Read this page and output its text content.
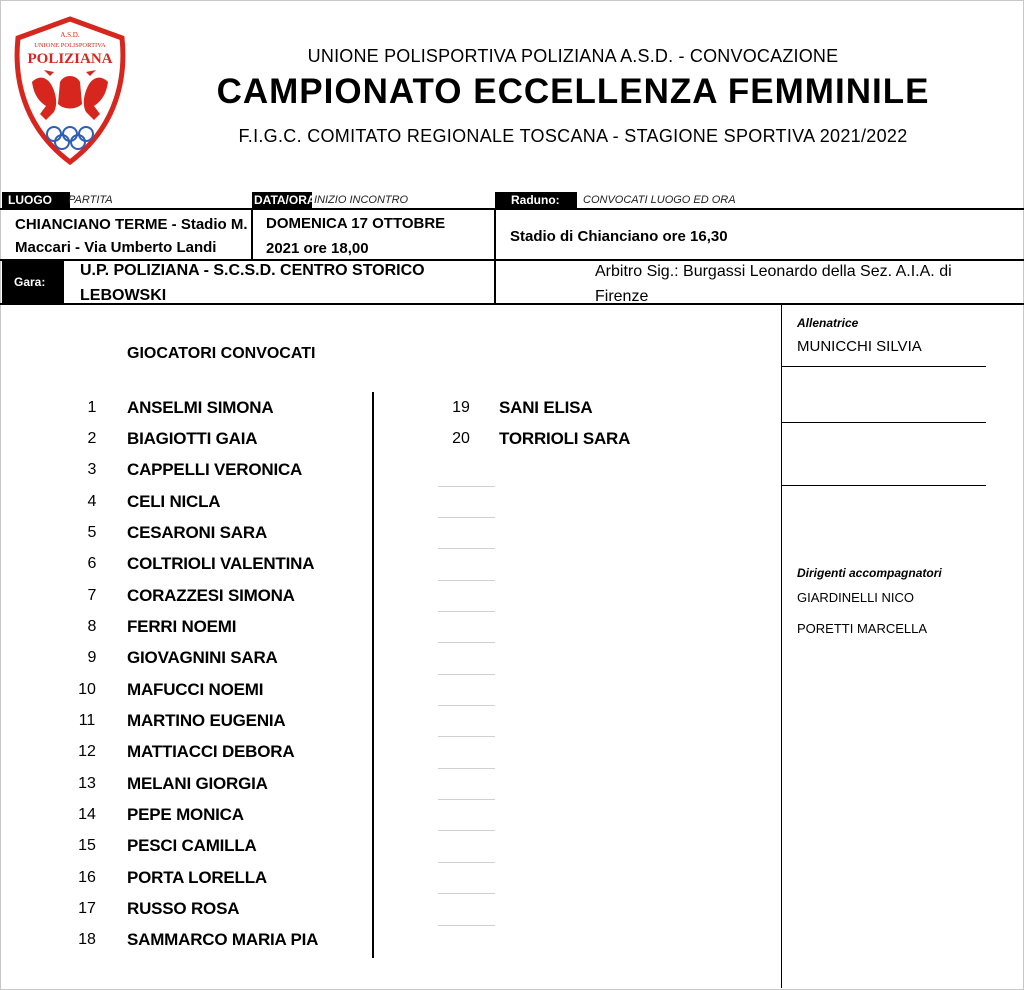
A.S.D.
UNIONE POLISPORTIVA
POLIZIANA	UNIONE POLISPORTIVA POLIZIANA A.S.D. - CONVOCAZIONE
CAMPIONATO ECCELLENZA FEMMINILE
F.I.G.C. COMITATO REGIONALE TOSCANA - STAGIONE SPORTIVA 2021/2022
LUOGO	PARTITA	DATA/ORA
INIZIO INCONTRO	Raduno:	CONVOCATI LUOGO ED ORA
CHIANCIANO TERME - Stadio M.
Maccari - Via Umberto Landi
DOMENICA 17 OTTOBRE
2021 ore 18,00
Stadio di Chianciano ore 16,30
Gara:
U.P. POLIZIANA - S.C.S.D. CENTRO STORICO
LEBOWSKI
Arbitro Sig.: Burgassi Leonardo della Sez. A.I.A. di
Firenze
Allenatrice
MUNICCHI SILVIA
Dirigenti accompagnatori
GIARDINELLI NICO
PORETTI MARCELLA
GIOCATORI CONVOCATI
1	ANSELMI SIMONA
2	BIAGIOTTI GAIA
3	CAPPELLI VERONICA
4	CELI NICLA
5	CESARONI SARA
6	COLTRIOLI VALENTINA
7	CORAZZESI SIMONA
8	FERRI NOEMI
9	GIOVAGNINI SARA
10	MAFUCCI NOEMI
11	MARTINO EUGENIA
12	MATTIACCI DEBORA
13	MELANI GIORGIA
14	PEPE MONICA
15	PESCI CAMILLA
16	PORTA LORELLA
17	RUSSO ROSA
18	SAMMARCO MARIA PIA
19	SANI ELISA
20	TORRIOLI SARA
